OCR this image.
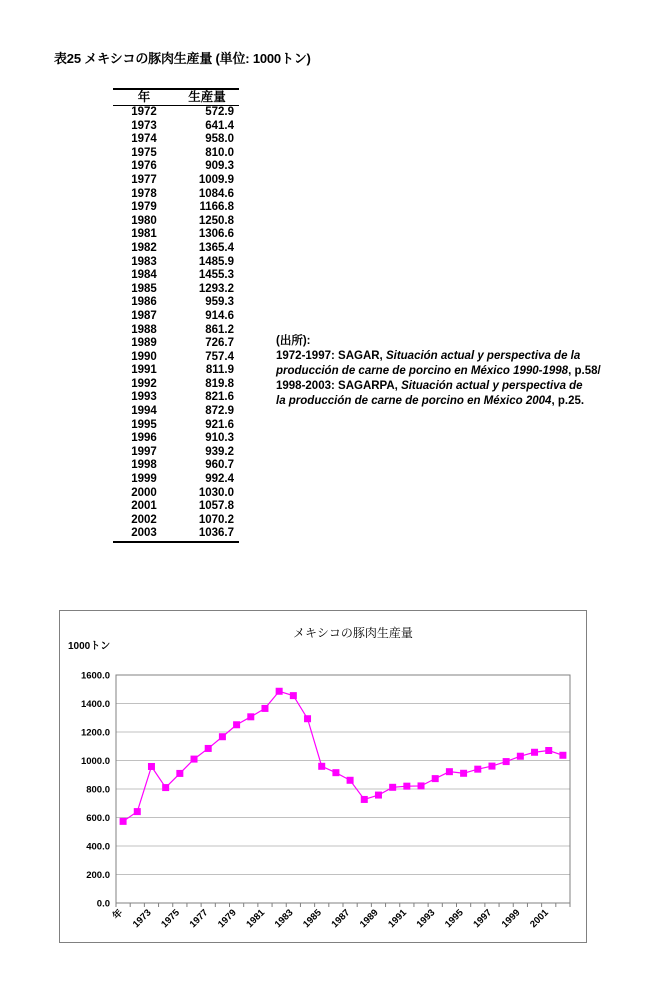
表25 メキシコの豚肉生産量 (単位: 1000トン)
年	生産量
1972	572.9
1973	641.4
1974	958.0
1975	810.0
1976	909.3
1977	1009.9
1978	1084.6
1979	1166.8
1980	1250.8
1981	1306.6
1982	1365.4
1983	1485.9
1984	1455.3
1985	1293.2
1986	959.3
1987	914.6
1988	861.2
1989	726.7
1990	757.4
1991	811.9
1992	819.8
1993	821.6
1994	872.9
1995	921.6
1996	910.3
1997	939.2
1998	960.7
1999	992.4
2000	1030.0
2001	1057.8
2002	1070.2
2003	1036.7
(出所):
1972-1997: SAGAR, Situación actual y perspectiva de la
producción de carne de porcino en México 1990-1998, p.58/
1998-2003: SAGARPA, Situación actual y perspectiva de
la producción de carne de porcino en México 2004, p.25.
メキシコの豚肉生産量
1000トン
0.0
200.0
400.0
600.0
800.0
1000.0
1200.0
1400.0
1600.0
年 1973 1975 1977 1979 1981 1983 1985 1987 1989 1991 1993 1995 1997 1999 2001
